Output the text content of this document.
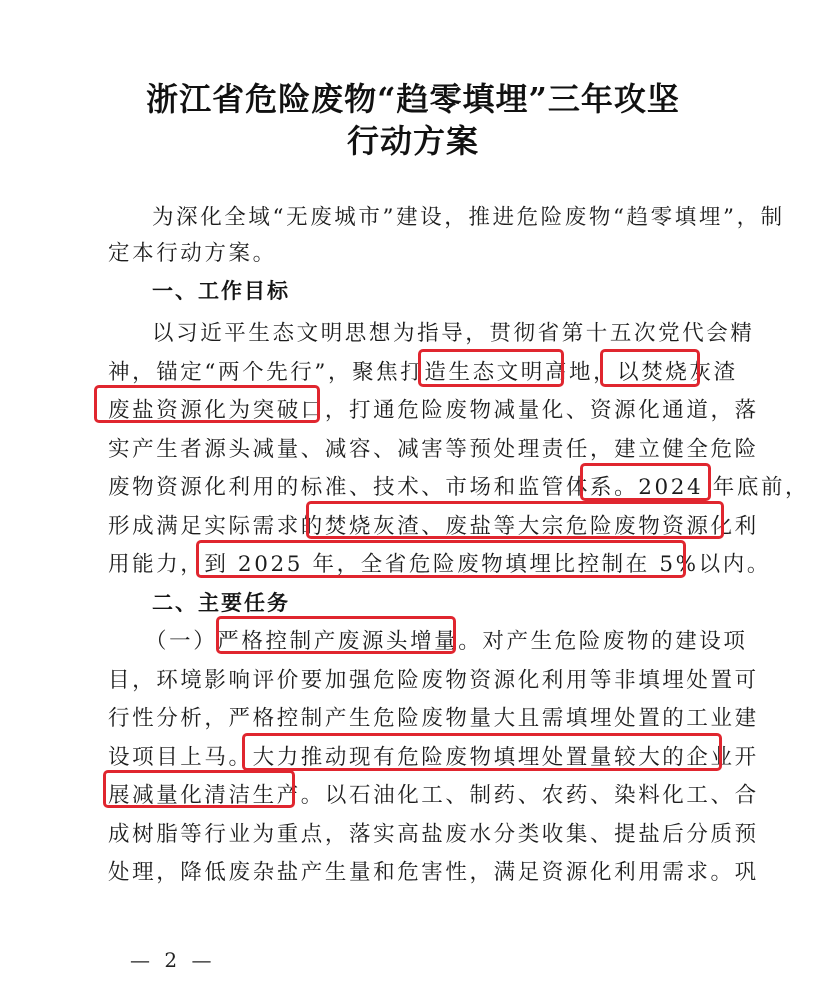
浙江省危险废物“趋零填埋”三年攻坚
行动方案
为深化全域“无废城市”建设，推进危险废物“趋零填埋”，制
定本行动方案。
一、工作目标
以习近平生态文明思想为指导，贯彻省第十五次党代会精
神，锚定“两个先行”，聚焦打造生态文明高地，以焚烧灰渣
废盐资源化为突破口，打通危险废物减量化、资源化通道，落
实产生者源头减量、减容、减害等预处理责任，建立健全危险
废物资源化利用的标准、技术、市场和监管体系。2024 年底前，
形成满足实际需求的焚烧灰渣、废盐等大宗危险废物资源化利
用能力，到 2025 年，全省危险废物填埋比控制在 5%以内。
二、主要任务
（一）严格控制产废源头增量。对产生危险废物的建设项
目，环境影响评价要加强危险废物资源化利用等非填埋处置可
行性分析，严格控制产生危险废物量大且需填埋处置的工业建
设项目上马。大力推动现有危险废物填埋处置量较大的企业开
展减量化清洁生产。以石油化工、制药、农药、染料化工、合
成树脂等行业为重点，落实高盐废水分类收集、提盐后分质预
处理，降低废杂盐产生量和危害性，满足资源化利用需求。巩
— 2 —
